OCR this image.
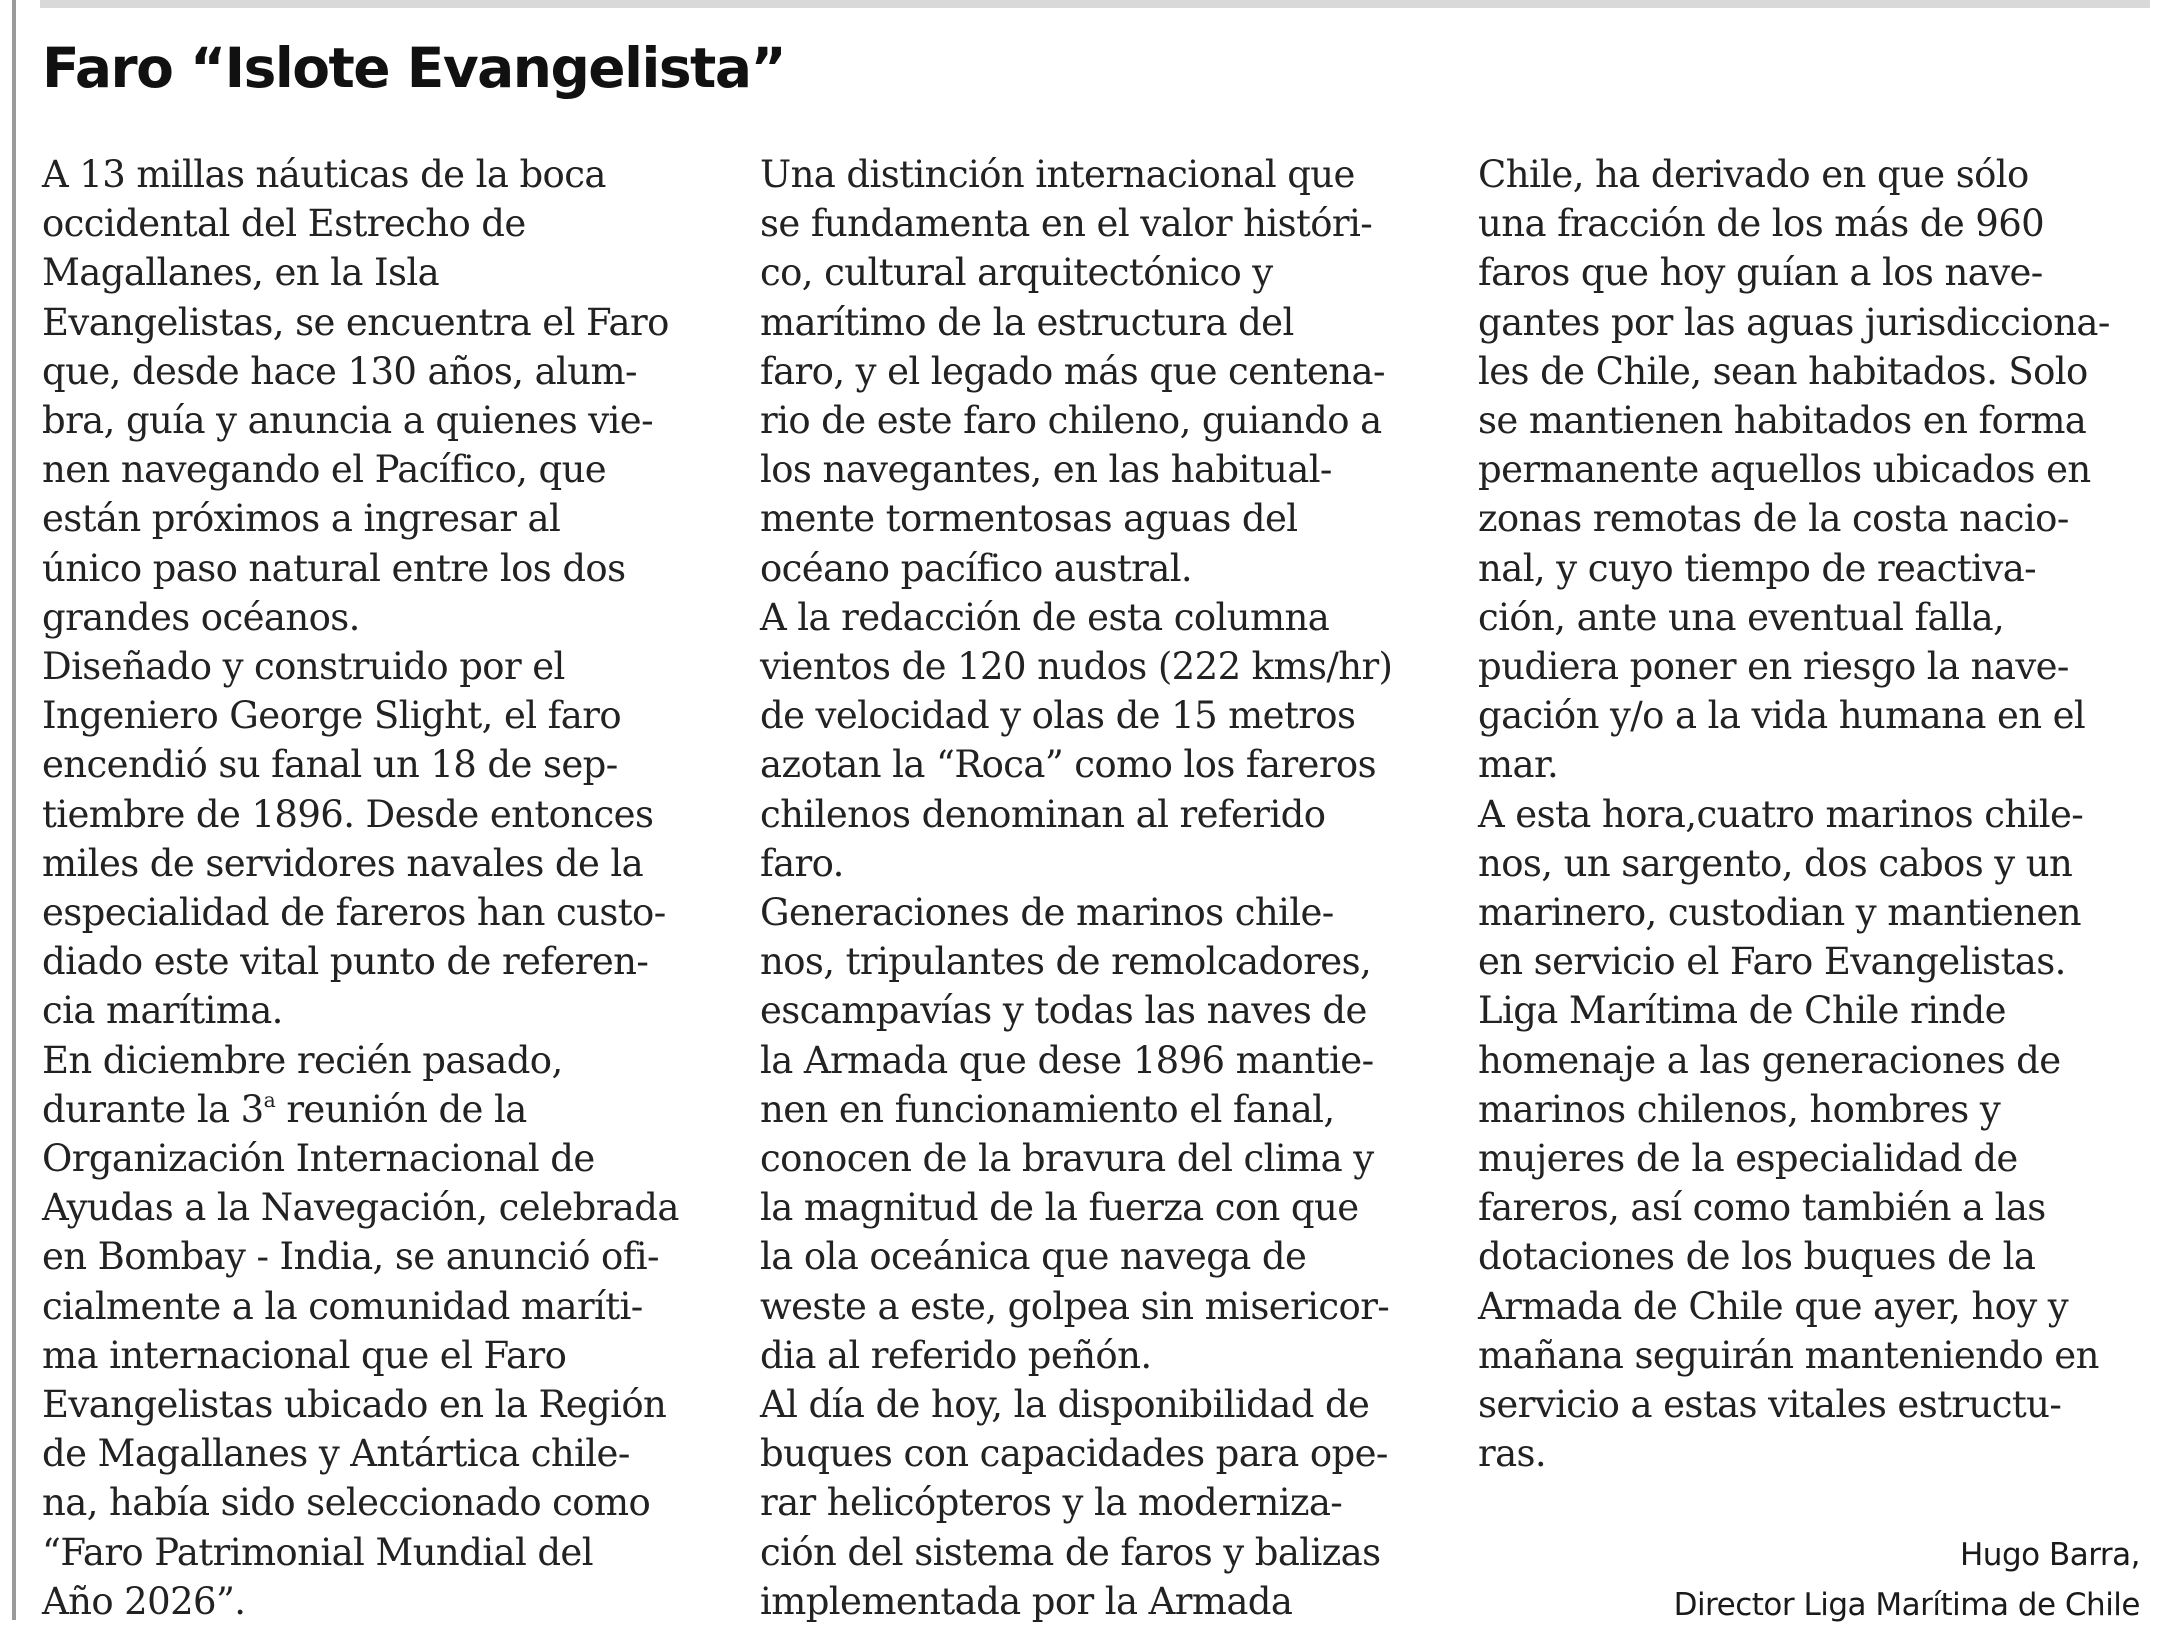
Faro “Islote Evangelista”
A 13 millas náuticas de la boca
occidental del Estrecho de
Magallanes, en la Isla
Evangelistas, se encuentra el Faro
que, desde hace 130 años, alum-
bra, guía y anuncia a quienes vie-
nen navegando el Pacífico, que
están próximos a ingresar al
único paso natural entre los dos
grandes océanos.
Diseñado y construido por el
Ingeniero George Slight, el faro
encendió su fanal un 18 de sep-
tiembre de 1896. Desde entonces
miles de servidores navales de la
especialidad de fareros han custo-
diado este vital punto de referen-
cia marítima.
En diciembre recién pasado,
durante la 3$^a$ reunión de la
Organización Internacional de
Ayudas a la Navegación, celebrada
en Bombay - India, se anunció ofi-
cialmente a la comunidad maríti-
ma internacional que el Faro
Evangelistas ubicado en la Región
de Magallanes y Antártica chile-
na, había sido seleccionado como
“Faro Patrimonial Mundial del
Año 2026”.
Una distinción internacional que
se fundamenta en el valor históri-
co, cultural arquitectónico y
marítimo de la estructura del
faro, y el legado más que centena-
rio de este faro chileno, guiando a
los navegantes, en las habitual-
mente tormentosas aguas del
océano pacífico austral.
A la redacción de esta columna
vientos de 120 nudos (222 kms/hr)
de velocidad y olas de 15 metros
azotan la “Roca” como los fareros
chilenos denominan al referido
faro.
Generaciones de marinos chile-
nos, tripulantes de remolcadores,
escampavías y todas las naves de
la Armada que dese 1896 mantie-
nen en funcionamiento el fanal,
conocen de la bravura del clima y
la magnitud de la fuerza con que
la ola oceánica que navega de
weste a este, golpea sin misericor-
dia al referido peñón.
Al día de hoy, la disponibilidad de
buques con capacidades para ope-
rar helicópteros y la moderniza-
ción del sistema de faros y balizas
implementada por la Armada
Chile, ha derivado en que sólo
una fracción de los más de 960
faros que hoy guían a los nave-
gantes por las aguas jurisdicciona-
les de Chile, sean habitados. Solo
se mantienen habitados en forma
permanente aquellos ubicados en
zonas remotas de la costa nacio-
nal, y cuyo tiempo de reactiva-
ción, ante una eventual falla,
pudiera poner en riesgo la nave-
gación y/o a la vida humana en el
mar.
A esta hora,cuatro marinos chile-
nos, un sargento, dos cabos y un
marinero, custodian y mantienen
en servicio el Faro Evangelistas.
Liga Marítima de Chile rinde
homenaje a las generaciones de
marinos chilenos, hombres y
mujeres de la especialidad de
fareros, así como también a las
dotaciones de los buques de la
Armada de Chile que ayer, hoy y
mañana seguirán manteniendo en
servicio a estas vitales estructu-
ras.
Hugo Barra,
Director Liga Marítima de Chile
